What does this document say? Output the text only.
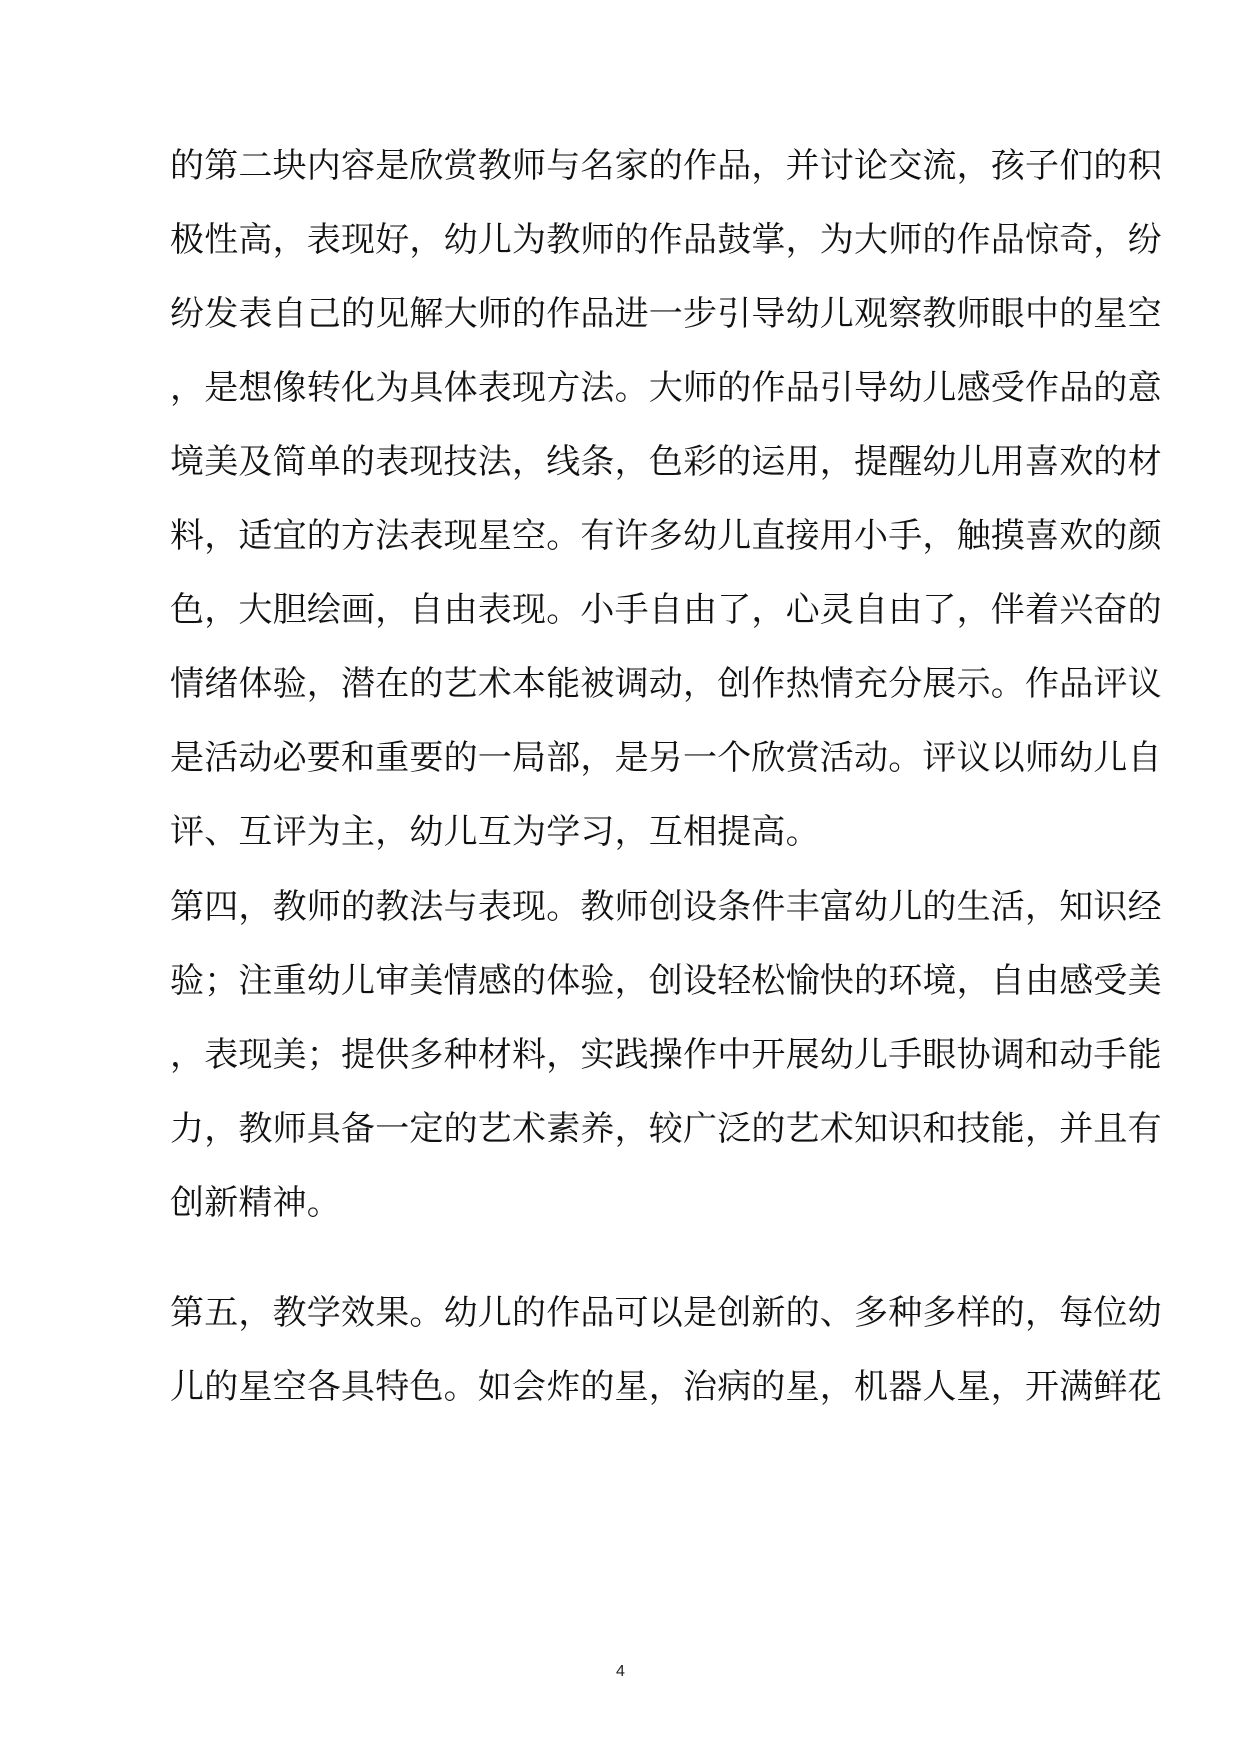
的第二块内容是欣赏教师与名家的作品，并讨论交流，孩子们的积
极性高，表现好，幼儿为教师的作品鼓掌，为大师的作品惊奇，纷
纷发表自己的见解大师的作品进一步引导幼儿观察教师眼中的星空
，是想像转化为具体表现方法。大师的作品引导幼儿感受作品的意
境美及简单的表现技法，线条，色彩的运用，提醒幼儿用喜欢的材
料，适宜的方法表现星空。有许多幼儿直接用小手，触摸喜欢的颜
色，大胆绘画，自由表现。小手自由了，心灵自由了，伴着兴奋的
情绪体验，潜在的艺术本能被调动，创作热情充分展示。作品评议
是活动必要和重要的一局部，是另一个欣赏活动。评议以师幼儿自
评、互评为主，幼儿互为学习，互相提高。
第四，教师的教法与表现。教师创设条件丰富幼儿的生活，知识经
验；注重幼儿审美情感的体验，创设轻松愉快的环境，自由感受美
，表现美；提供多种材料，实践操作中开展幼儿手眼协调和动手能
力，教师具备一定的艺术素养，较广泛的艺术知识和技能，并且有
创新精神。
第五，教学效果。幼儿的作品可以是创新的、多种多样的，每位幼
儿的星空各具特色。如会炸的星，治病的星，机器人星，开满鲜花
4
